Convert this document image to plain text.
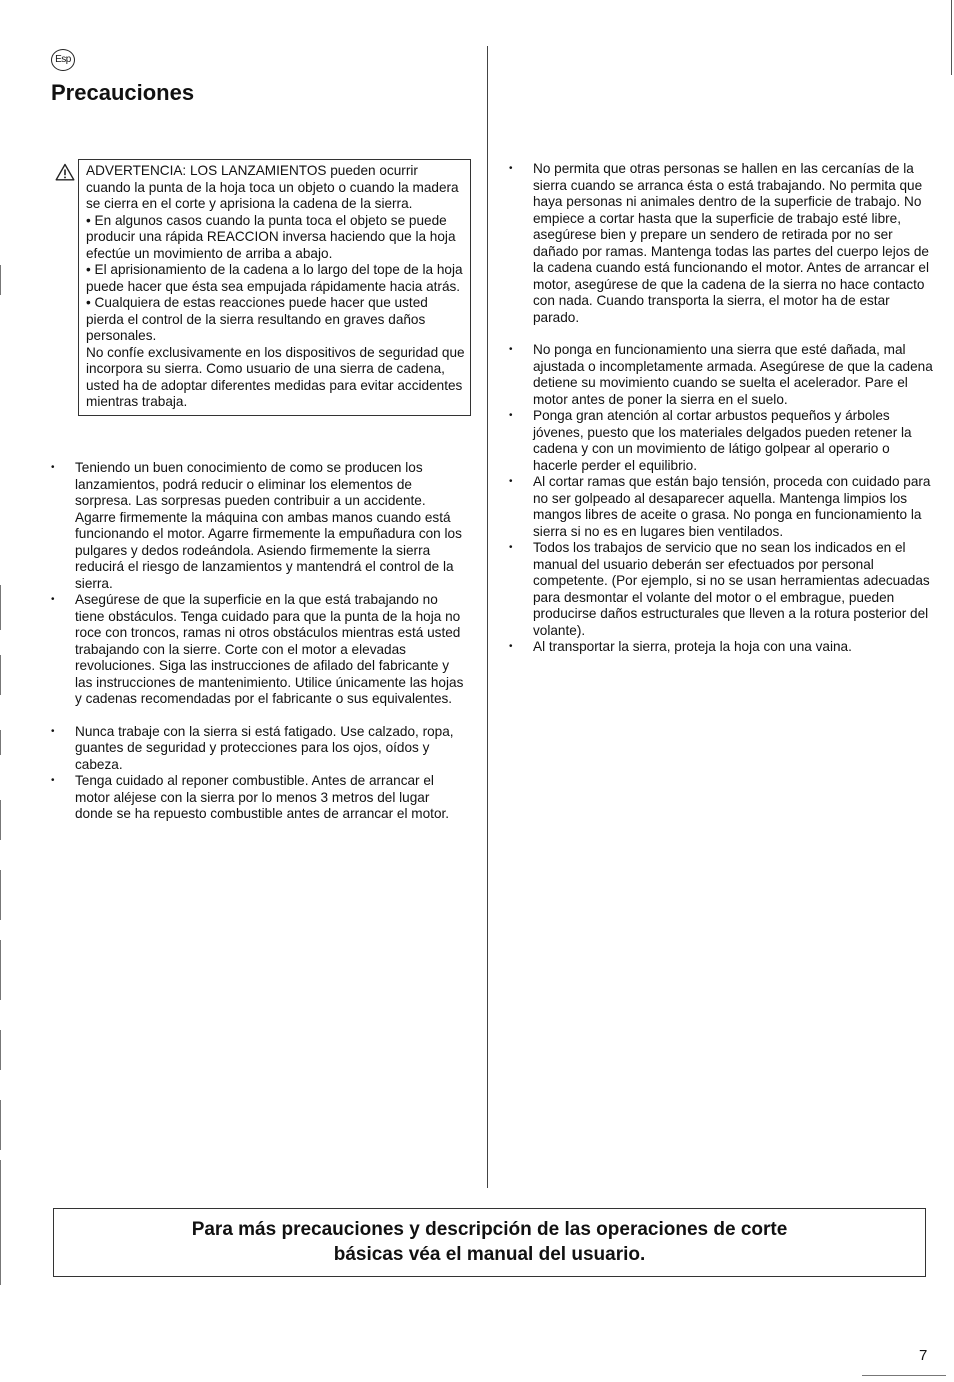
Esp
Precauciones

ADVERTENCIA: LOS LANZAMIENTOS pueden ocurrir cuando la punta de la hoja toca un objeto o cuando la madera se cierra en el corte y aprisiona la cadena de la sierra.

• En algunos casos cuando la punta toca el objeto se puede producir una rápida REACCION inversa haciendo que la hoja efectúe un movimiento de arriba a abajo.

• El aprisionamiento de la cadena a lo largo del tope de la hoja puede hacer que ésta sea empujada rápidamente hacia atrás.

• Cualquiera de estas reacciones puede hacer que usted pierda el control de la sierra resultando en graves daños personales.

No confíe exclusivamente en los dispositivos de seguridad que incorpora su sierra. Como usuario de una sierra de cadena, usted ha de adoptar diferentes medidas para evitar accidentes mientras trabaja.

• Teniendo un buen conocimiento de como se producen los lanzamientos, podrá reducir o eliminar los elementos de sorpresa. Las sorpresas pueden contribuir a un accidente. Agarre firmemente la máquina con ambas manos cuando está funcionando el motor. Agarre firmemente la empuñadura con los pulgares y dedos rodeándola. Asiendo firmemente la sierra reducirá el riesgo de lanzamientos y mantendrá el control de la sierra.
• Asegúrese de que la superficie en la que está trabajando no tiene obstáculos. Tenga cuidado para que la punta de la hoja no roce con troncos, ramas ni otros obstáculos mientras está usted trabajando con la sierre. Corte con el motor a elevadas revoluciones. Siga las instrucciones de afilado del fabricante y las instrucciones de mantenimiento. Utilice únicamente las hojas y cadenas recomendadas por el fabricante o sus equivalentes.
• Nunca trabaje con la sierra si está fatigado. Use calzado, ropa, guantes de seguridad y protecciones para los ojos, oídos y cabeza.
• Tenga cuidado al reponer combustible. Antes de arrancar el motor aléjese con la sierra por lo menos 3 metros del lugar donde se ha repuesto combustible antes de arrancar el motor.
• No permita que otras personas se hallen en las cercanías de la sierra cuando se arranca ésta o está trabajando. No permita que haya personas ni animales dentro de la superficie de trabajo. No empiece a cortar hasta que la superficie de trabajo esté libre, asegúrese bien y prepare un sendero de retirada por no ser dañado por ramas. Mantenga todas las partes del cuerpo lejos de la cadena cuando está funcionando el motor. Antes de arrancar el motor, asegúrese de que la cadena de la sierra no hace contacto con nada. Cuando transporta la sierra, el motor ha de estar parado.
• No ponga en funcionamiento una sierra que esté dañada, mal ajustada o incompletamente armada. Asegúrese de que la cadena detiene su movimiento cuando se suelta el acelerador. Pare el motor antes de poner la sierra en el suelo.
• Ponga gran atención al cortar arbustos pequeños y árboles jóvenes, puesto que los materiales delgados pueden retener la cadena y con un movimiento de látigo golpear al operario o hacerle perder el equilibrio.
• Al cortar ramas que están bajo tensión, proceda con cuidado para no ser golpeado al desaparecer aquella. Mantenga limpios los mangos libres de aceite o grasa. No ponga en funcionamiento la sierra si no es en lugares bien ventilados.
• Todos los trabajos de servicio que no sean los indicados en el manual del usuario deberán ser efectuados por personal competente. (Por ejemplo, si no se usan herramientas adecuadas para desmontar el volante del motor o el embrague, pueden producirse daños estructurales que lleven a la rotura posterior del volante).
• Al transportar la sierra, proteja la hoja con una vaina.
Para más precauciones y descripción de las operaciones de corte
básicas véa el manual del usuario.
7
